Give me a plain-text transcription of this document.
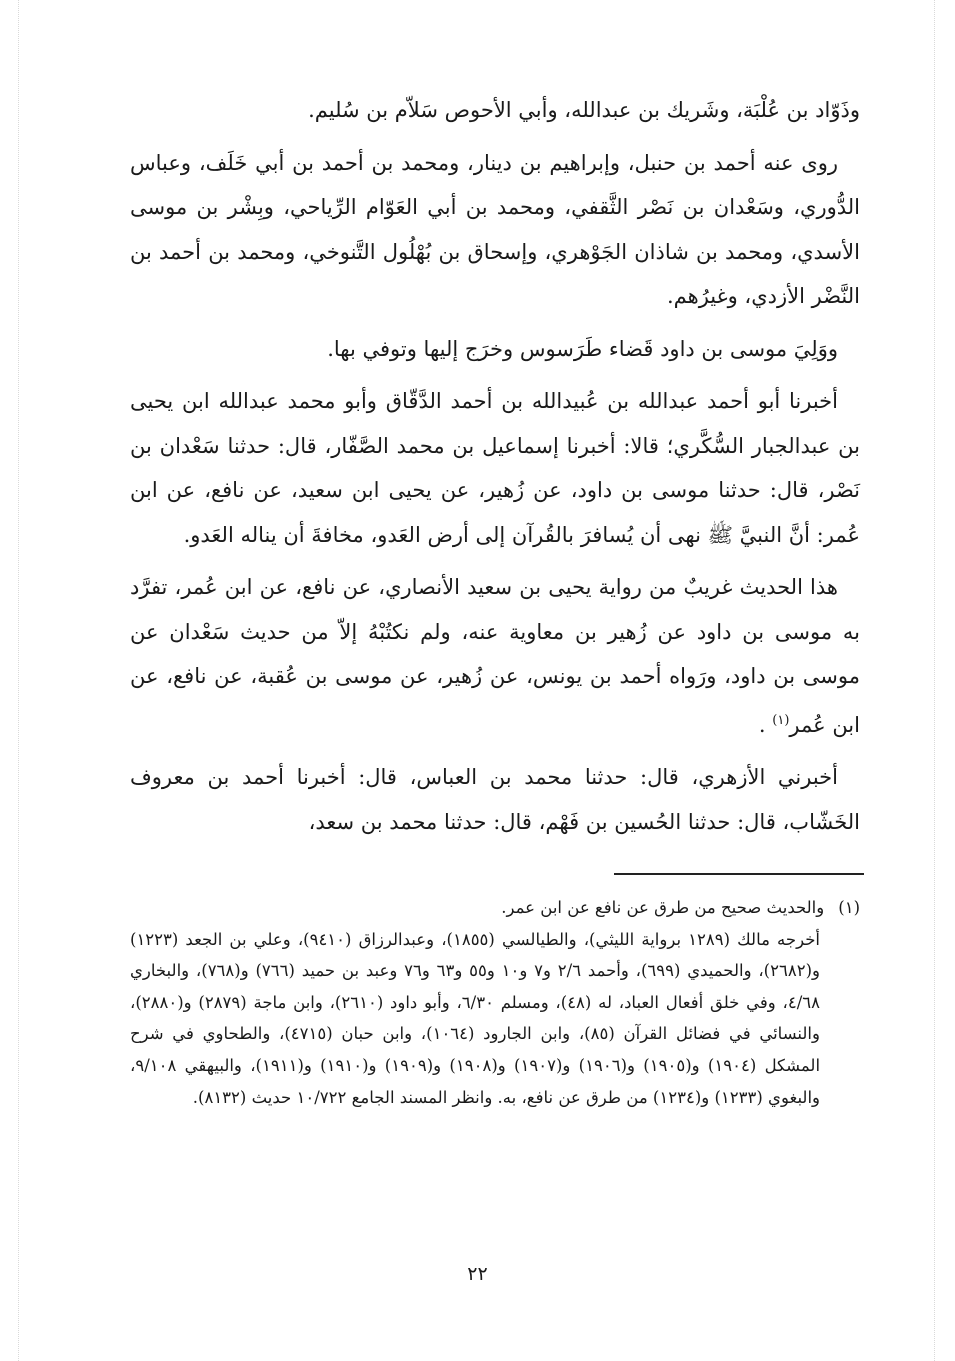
وذَوّاد بن عُلْبَة، وشَريك بن عبدالله، وأبي الأحوص سَلاّم بن سُليم.

روى عنه أحمد بن حنبل، وإبراهيم بن دينار، ومحمد بن أحمد بن أبي خَلَف، وعباس الدُّوري، وسَعْدان بن نَصْر الثَّقفي، ومحمد بن أبي العَوّام الرِّياحي، وبِشْر بن موسى الأسدي، ومحمد بن شاذان الجَوْهري، وإسحاق بن بُهْلُول التَّنوخي، ومحمد بن أحمد بن النَّضْر الأزدي، وغيرُهم.

ووَلِيَ موسى بن داود قَضاء طَرَسوس وخرَج إليها وتوفي بها.

أخبرنا أبو أحمد عبدالله بن عُبيدالله بن أحمد الدَّقّاق وأبو محمد عبدالله ابن يحيى بن عبدالجبار السُّكَّري؛ قالا: أخبرنا إسماعيل بن محمد الصَّفّار، قال: حدثنا سَعْدان بن نَصْر، قال: حدثنا موسى بن داود، عن زُهير، عن يحيى ابن سعيد، عن نافع، عن ابن عُمر: أنَّ النبيَّ ﷺ نهى أن يُسافرَ بالقُرآن إلى أرض العَدو، مخافةَ أن يناله العَدو.

هذا الحديث غريبٌ من رواية يحيى بن سعيد الأنصاري، عن نافع، عن ابن عُمر، تفرَّد به موسى بن داود عن زُهير بن معاوية عنه، ولم نكتُبْهُ إلاّ من حديث سَعْدان عن موسى بن داود، ورَواه أحمد بن يونس، عن زُهير، عن موسى بن عُقبة، عن نافع، عن ابن عُمر$^{(١)}$ .

أخبرني الأزهري، قال: حدثنا محمد بن العباس، قال: أخبرنا أحمد بن معروف الخَشّاب، قال: حدثنا الحُسين بن فَهْم، قال: حدثنا محمد بن سعد،

(١)والحديث صحيح من طرق عن نافع عن ابن عمر.

أخرجه مالك (١٢٨٩ برواية الليثي)، والطيالسي (١٨٥٥)، وعبدالرزاق (٩٤١٠)، وعلي بن الجعد (١٢٢٣) و(٢٦٨٢)، والحميدي (٦٩٩)، وأحمد ٢/٦ و٧ و١٠ و٥٥ و٦٣ و٧٦ وعبد بن حميد (٧٦٦) و(٧٦٨)، والبخاري ٤/٦٨، وفي خلق أفعال العباد، له (٤٨)، ومسلم ٦/٣٠، وأبو داود (٢٦١٠)، وابن ماجة (٢٨٧٩) و(٢٨٨٠)، والنسائي في فضائل القرآن (٨٥)، وابن الجارود (١٠٦٤)، وابن حبان (٤٧١٥)، والطحاوي في شرح المشكل (١٩٠٤) و(١٩٠٥) و(١٩٠٦) و(١٩٠٧) و(١٩٠٨) و(١٩٠٩) و(١٩١٠) و(١٩١١)، والبيهقي ٩/١٠٨، والبغوي (١٢٣٣) و(١٢٣٤) من طرق عن نافع، به. وانظر المسند الجامع ١٠/٧٢٢ حديث (٨١٣٢).

٢٢
